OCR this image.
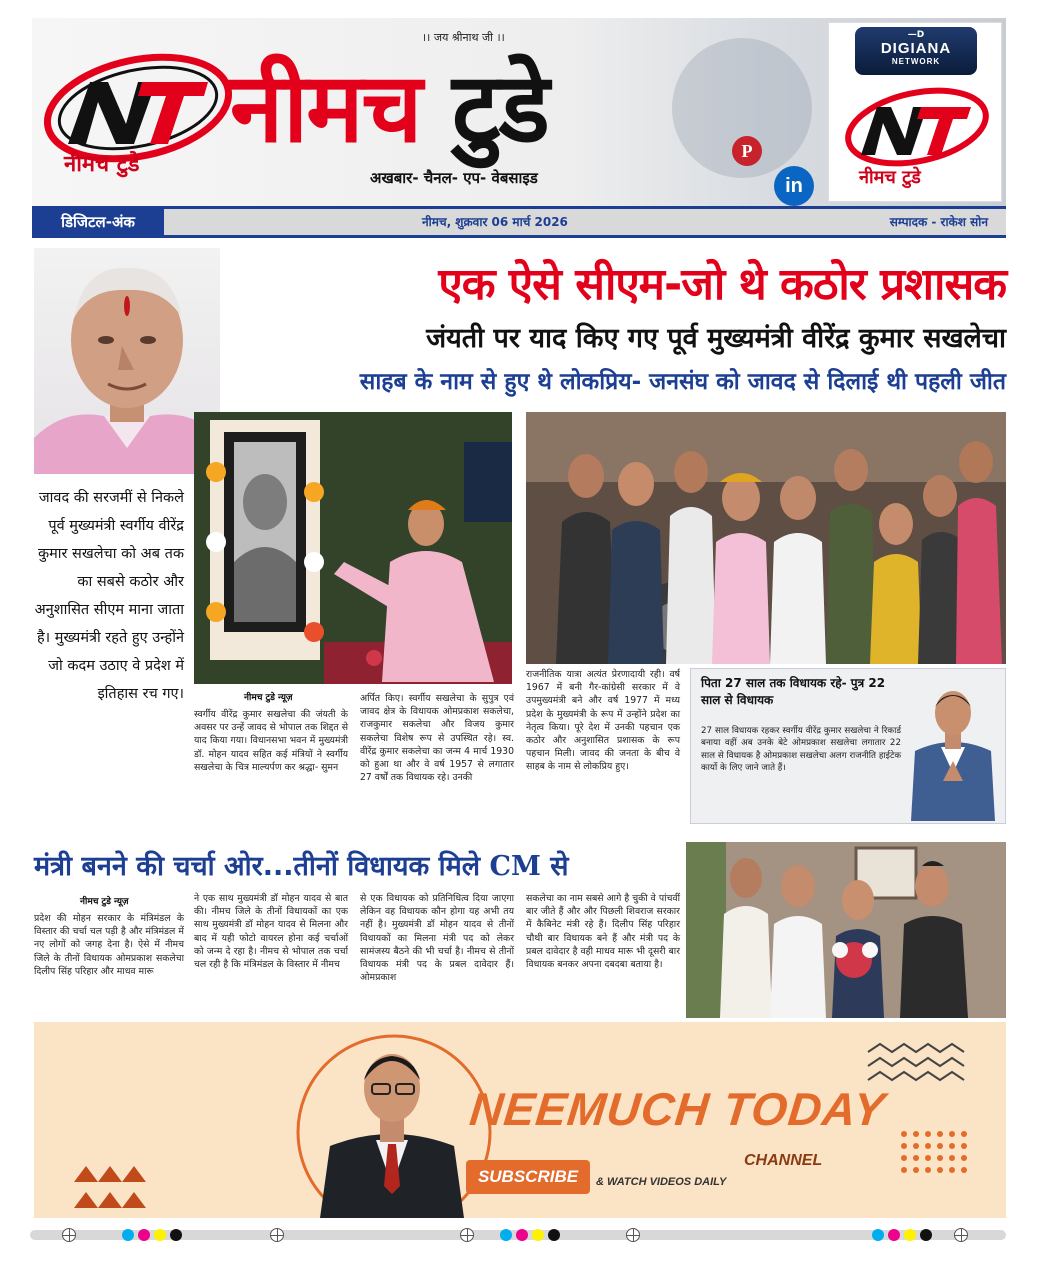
नीमच टुडे
।। जय श्रीनाथ जी ।।
नीमच टुडे
अखबार- चैनल- एप- वेबसाइड
P
in
—D
DIGIANA
NETWORK
नीमच टुडे
डिजिटल-अंक	नीमच, शुक्रवार 06 मार्च 2026	सम्पादक - राकेश सोन
एक ऐसे सीएम-जो थे कठोर प्रशासक
जंयती पर याद किए गए पूर्व मुख्यमंत्री वीरेंद्र कुमार सखलेचा
साहब के नाम से हुए थे लोकप्रिय- जनसंघ को जावद से दिलाई थी पहली जीत
जावद की सरजमीं से निकले पूर्व मुख्यमंत्री स्वर्गीय वीरेंद्र कुमार सखलेचा को अब तक का सबसे कठोर और अनुशासित सीएम माना जाता है। मुख्यमंत्री रहते हुए उन्होंने जो कदम उठाए वे प्रदेश में इतिहास रच गए।	नीमच टुडे न्यूज़
स्वर्गीय वीरेंद्र कुमार सखलेचा की जंयती के अवसर पर उन्हें जावद से भोपाल तक शिद्दत से याद किया गया। विधानसभा भवन में मुख्यमंत्री डॉ. मोहन यादव सहित कई मंत्रियों ने स्वर्गीय सखलेचा के चित्र माल्यर्पण कर श्रद्धा- सुमन
अर्पित किए। स्वर्गीय सखलेचा के सुपुत्र एवं जावद क्षेत्र के विधायक ओमप्रकाश सकलेचा, राजकुमार सकलेचा और विजय कुमार सकलेचा विशेष रूप से उपस्थित रहे। स्व. वीरेंद्र कुमार सकलेचा का जन्म 4 मार्च 1930 को हुआ था और वे वर्ष 1957 से लगातार 27 वर्षों तक विधायक रहे। उनकी
राजनीतिक यात्रा अत्यंत प्रेरणादायी रही। वर्ष 1967 में बनी गैर-कांग्रेसी सरकार में वे उपमुख्यमंत्री बने और वर्ष 1977 में मध्य प्रदेश के मुख्यमंत्री के रूप में उन्होंने प्रदेश का नेतृत्व किया। पूरे देश में उनकी पहचान एक कठोर और अनुशासित प्रशासक के रूप पहचान मिली। जावद की जनता के बीच वे साहब के नाम से लोकप्रिय हुए।
पिता 27 साल तक विधायक रहे- पुत्र 22 साल से विधायक
27 साल विधायक रहकर स्वर्गीय वीरेंद्र कुमार सखलेचा ने रिकार्ड बनाया वहीं अब उनके बेटे ओमप्रकाश सखलेचा लगातार 22 साल से विधायक है ओमप्रकाश सखलेचा अलग राजनीति हाईटेक कार्यो के लिए जाने जाते हैं।
मंत्री बनने की चर्चा ओर...तीनों विधायक मिले CM से
नीमच टुडे न्यूज़
प्रदेश की मोहन सरकार के मंत्रिमंडल के विस्तार की चर्चा चल पड़ी है और मंत्रिमंडल में नए लोगों को जगह देना है। ऐसे में नीमच जिले के तीनों विधायक ओमप्रकाश सकलेचा दिलीप सिंह परिहार और माधव मारू
ने एक साथ मुख्यमंत्री डॉ मोहन यादव से बात की। नीमच जिले के तीनों विधायकों का एक साथ मुख्यमंत्री डॉ मोहन यादव से मिलना और बाद में यही फोटो वायरल होना कई चर्चाओं को जन्म दे रहा है। नीमच से भोपाल तक चर्चा चल रही है कि मंत्रिमंडल के विस्तार में नीमच
से एक विधायक को प्रतिनिधित्व दिया जाएगा लेकिन वह विधायक कौन होगा यह अभी तय नहीं है। मुख्यमंत्री डॉ मोहन यादव से तीनों विधायकों का मिलना मंत्री पद को लेकर सामंजस्य बैठने की भी चर्चा है। नीमच से तीनों विधायक मंत्री पद के प्रबल दावेदार हैं। ओमप्रकाश
सकलेचा का नाम सबसे आगे है चुकी वे पांचवीं बार जीते हैं और और पिछली शिवराज सरकार में कैबिनेट मंत्री रहे हैं। दिलीप सिंह परिहार चौथी बार विधायक बने हैं और मंत्री पद के प्रबल दावेदार है वही माधव मारू भी दूसरी बार विधायक बनकर अपना दबदबा बताया है।
NEEMUCH TODAY
CHANNEL
SUBSCRIBE	& WATCH VIDEOS DAILY
